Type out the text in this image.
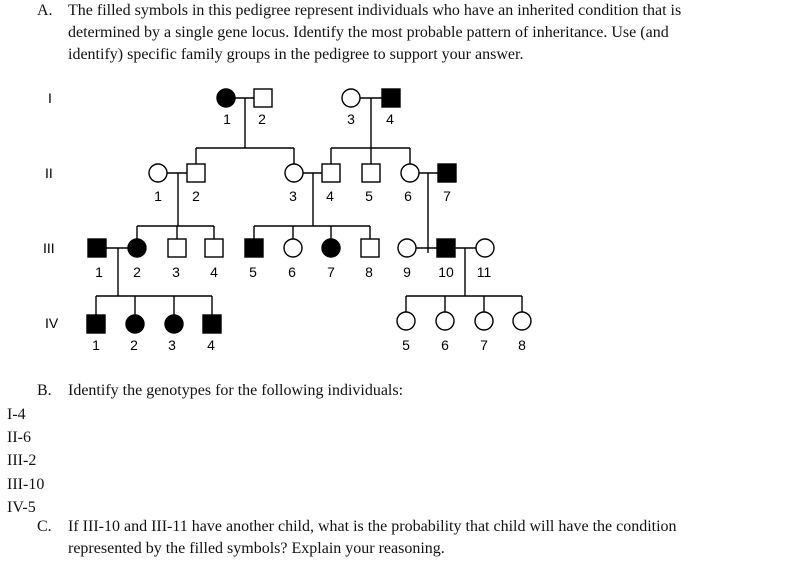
A. The filled symbols in this pedigree represent individuals who have an inherited condition that is
determined by a single gene locus. Identify the most probable pattern of inheritance. Use (and
identify) specific family groups in the pedigree to support your answer.
I
II
III
IV
1 2	3 4
1 2	3 4 5 6 7
1 2 3 4 5 6 7 8 9 10 11
1 2 3 4	5 6 7 8
B. Identify the genotypes for the following individuals:
I-4
II-6
III-2
III-10
IV-5
C. If III-10 and III-11 have another child, what is the probability that child will have the condition
represented by the filled symbols? Explain your reasoning.
